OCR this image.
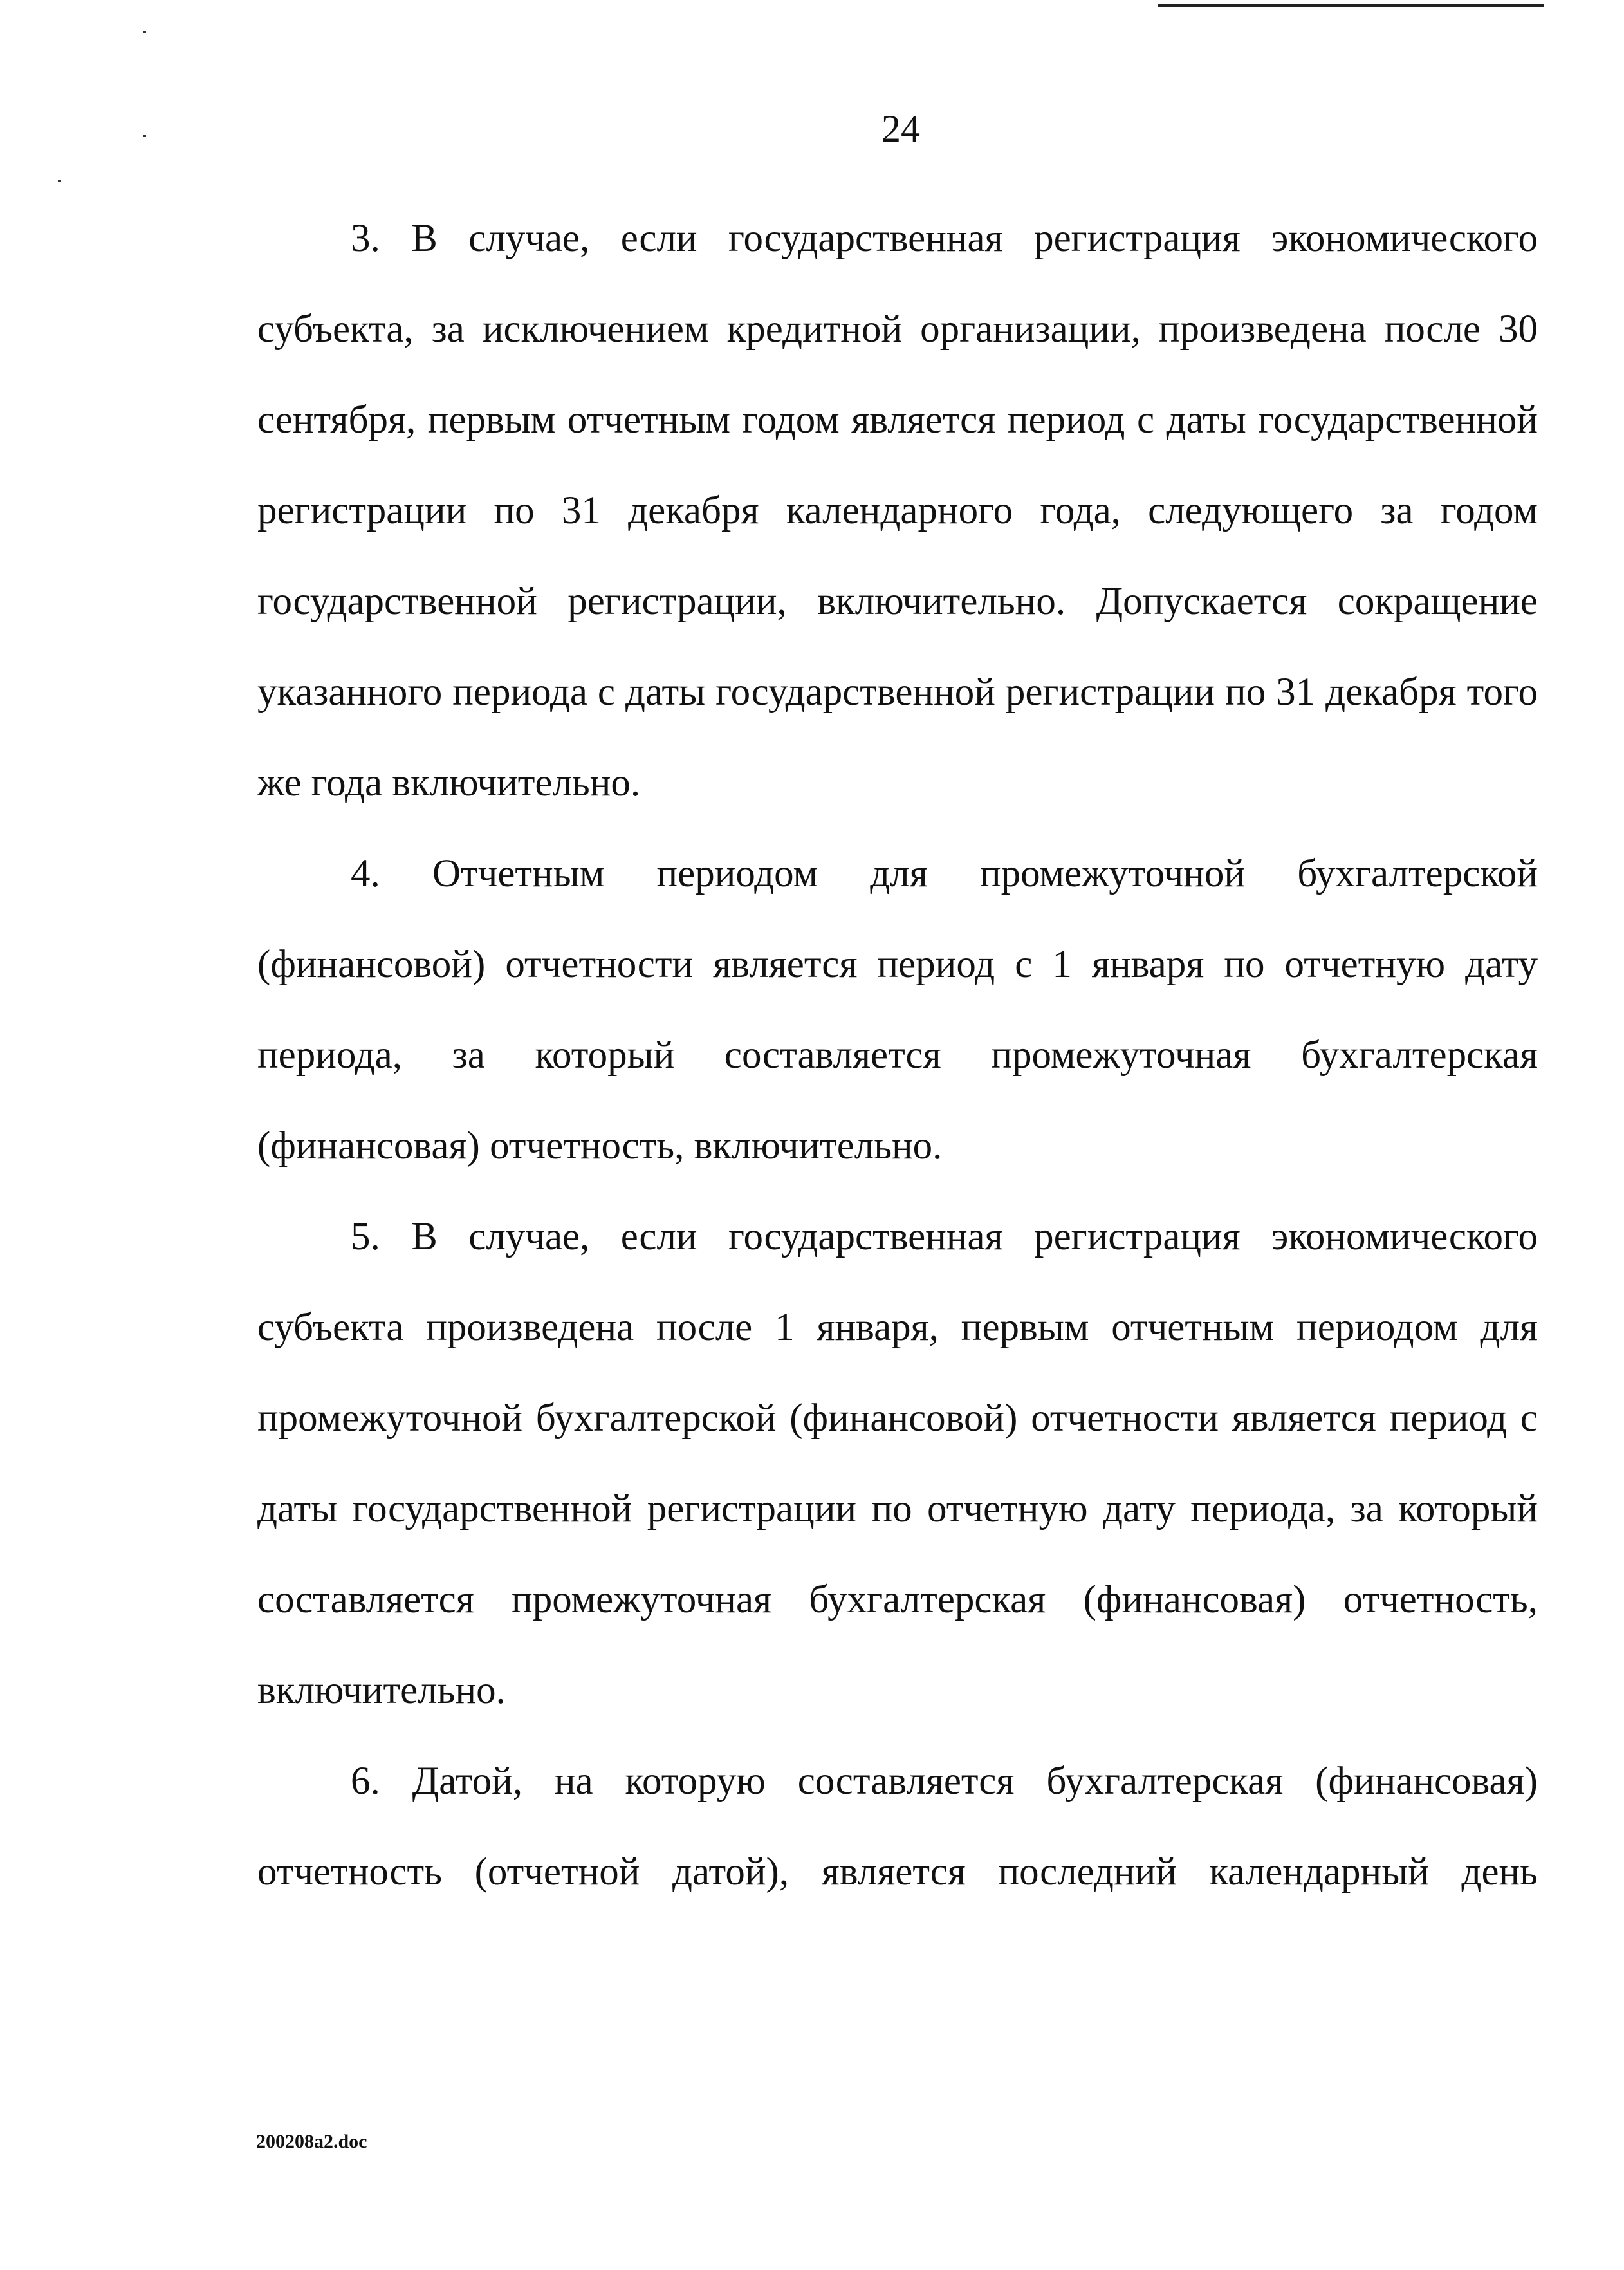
24

3. В случае, если государственная регистрация экономического субъекта, за исключением кредитной организации, произведена после 30 сентября, первым отчетным годом является период с даты государственной регистрации по 31 декабря календарного года, следующего за годом государственной регистрации, включительно. Допускается сокращение указанного периода с даты государственной регистрации по 31 декабря того же года включительно.

4. Отчетным периодом для промежуточной бухгалтерской (финансовой) отчетности является период с 1 января по отчетную дату периода, за который составляется промежуточная бухгалтерская (финансовая) отчетность, включительно.

5. В случае, если государственная регистрация экономического субъекта произведена после 1 января, первым отчетным периодом для промежуточной бухгалтерской (финансовой) отчетности является период с даты государственной регистрации по отчетную дату периода, за который составляется промежуточная бухгалтерская (финансовая) отчетность, включительно.

6. Датой, на которую составляется бухгалтерская (финансовая) отчетность (отчетной датой), является последний календарный день

200208a2.doc
